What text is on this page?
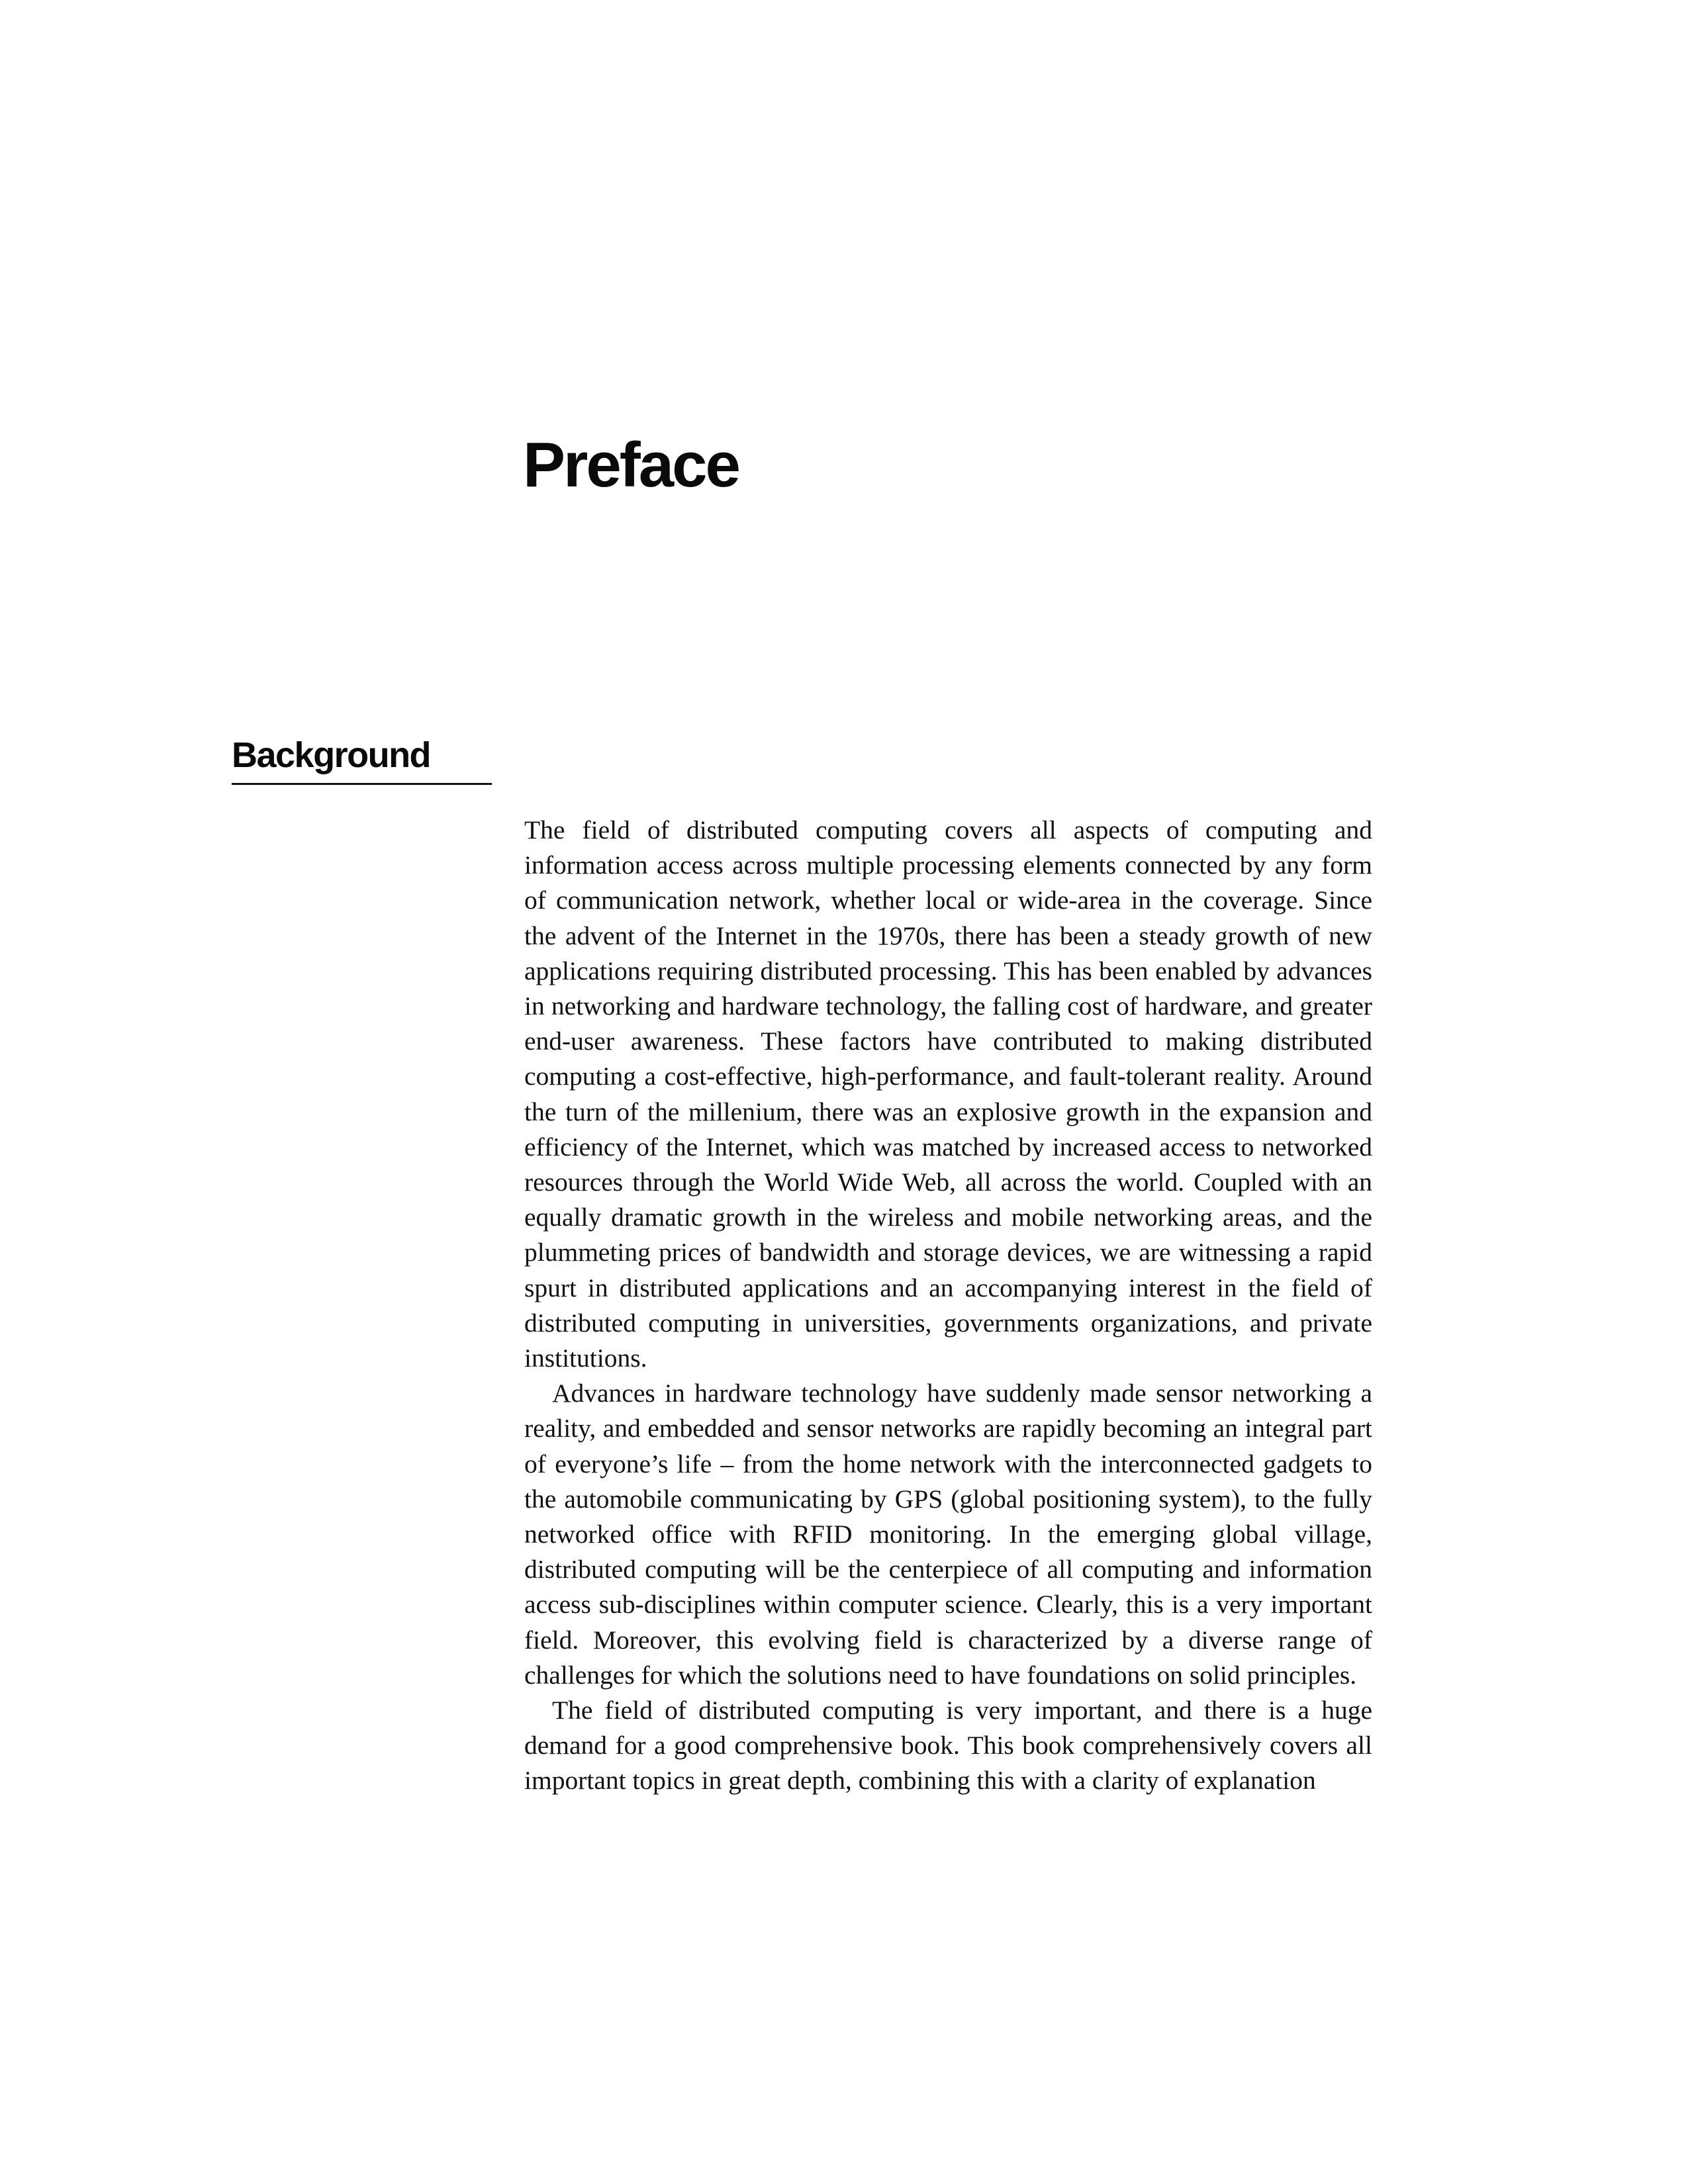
Preface
Background

The field of distributed computing covers all aspects of computing and information access across multiple processing elements connected by any form of communication network, whether local or wide-area in the coverage. Since the advent of the Internet in the 1970s, there has been a steady growth of new applications requiring distributed processing. This has been enabled by advances in networking and hardware technology, the falling cost of hardware, and greater end-user awareness. These factors have contributed to making distributed computing a cost-effective, high-performance, and fault-tolerant reality. Around the turn of the millenium, there was an explosive growth in the expansion and efficiency of the Internet, which was matched by increased access to networked resources through the World Wide Web, all across the world. Coupled with an equally dramatic growth in the wireless and mobile networking areas, and the plummeting prices of bandwidth and storage devices, we are witnessing a rapid spurt in distributed applications and an accompanying interest in the field of distributed computing in universities, governments organizations, and private institutions.

Advances in hardware technology have suddenly made sensor networking a reality, and embedded and sensor networks are rapidly becoming an integral part of everyone’s life – from the home network with the interconnected gadgets to the automobile communicating by GPS (global positioning system), to the fully networked office with RFID monitoring. In the emerging global village, distributed computing will be the centerpiece of all computing and information access sub-disciplines within computer science. Clearly, this is a very important field. Moreover, this evolving field is characterized by a diverse range of challenges for which the solutions need to have foundations on solid principles.

The field of distributed computing is very important, and there is a huge demand for a good comprehensive book. This book comprehensively covers all important topics in great depth, combining this with a clarity of explanation
